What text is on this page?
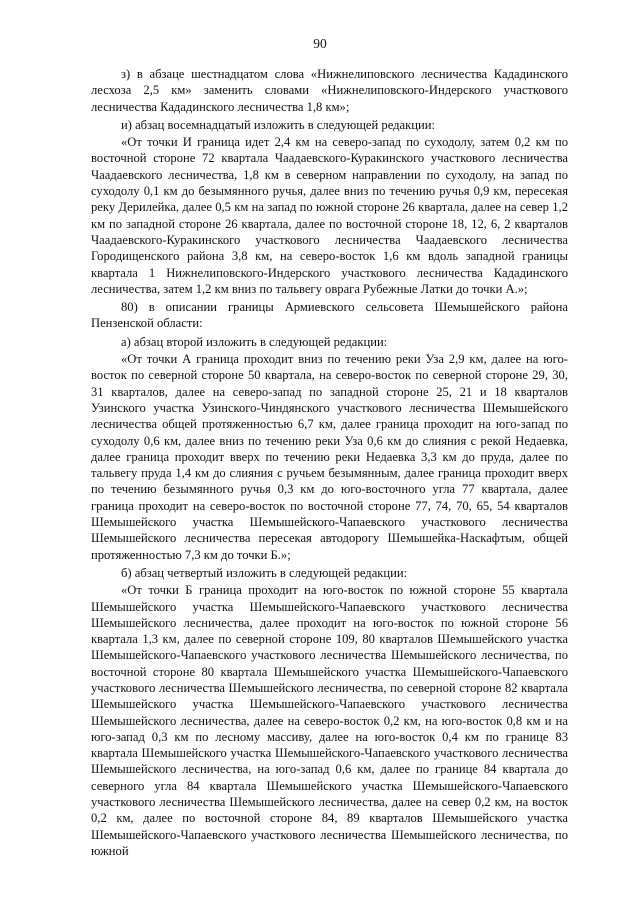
90

з) в абзаце шестнадцатом слова «Нижнелиповского лесничества Кададинского лесхоза 2,5 км» заменить словами «Нижнелиповского-Индерского участкового лесничества Кададинского лесничества 1,8 км»;

и) абзац восемнадцатый изложить в следующей редакции:

«От точки И граница идет 2,4 км на северо-запад по суходолу, затем 0,2 км по восточной стороне 72 квартала Чаадаевского-Куракинского участкового лесничества Чаадаевского лесничества, 1,8 км в северном направлении по суходолу, на запад по суходолу 0,1 км до безымянного ручья, далее вниз по течению ручья 0,9 км, пересекая реку Дерилейка, далее 0,5 км на запад по южной стороне 26 квартала, далее на север 1,2 км по западной стороне 26 квартала, далее по восточной стороне 18, 12, 6, 2 кварталов Чаадаевского-Куракинского участкового лесничества Чаадаевского лесничества Городищенского района 3,8 км, на северо-восток 1,6 км вдоль западной границы квартала 1 Нижнелиповского-Индерского участкового лесничества Кададинского лесничества, затем 1,2 км вниз по тальвегу оврага Рубежные Латки до точки А.»;

80) в описании границы Армиевского сельсовета Шемышейского района Пензенской области:

а) абзац второй изложить в следующей редакции:

«От точки А граница проходит вниз по течению реки Уза 2,9 км, далее на юго-восток по северной стороне 50 квартала, на северо-восток по северной стороне 29, 30, 31 кварталов, далее на северо-запад по западной стороне 25, 21 и 18 кварталов Узинского участка Узинского-Чиндянского участкового лесничества Шемышейского лесничества общей протяженностью 6,7 км, далее граница проходит на юго-запад по суходолу 0,6 км, далее вниз по течению реки Уза 0,6 км до слияния с рекой Недаевка, далее граница проходит вверх по течению реки Недаевка 3,3 км до пруда, далее по тальвегу пруда 1,4 км до слияния с ручьем безымянным, далее граница проходит вверх по течению безымянного ручья 0,3 км до юго-восточного угла 77 квартала, далее граница проходит на северо-восток по восточной стороне 77, 74, 70, 65, 54 кварталов Шемышейского участка Шемышейского-Чапаевского участкового лесничества Шемышейского лесничества пересекая автодорогу Шемышейка-Наскафтым, общей протяженностью 7,3 км до точки Б.»;

б) абзац четвертый изложить в следующей редакции:

«От точки Б граница проходит на юго-восток по южной стороне 55 квартала Шемышейского участка Шемышейского-Чапаевского участкового лесничества Шемышейского лесничества, далее проходит на юго-восток по южной стороне 56 квартала 1,3 км, далее по северной стороне 109, 80 кварталов Шемышейского участка Шемышейского-Чапаевского участкового лесничества Шемышейского лесничества, по восточной стороне 80 квартала Шемышейского участка Шемышейского-Чапаевского участкового лесничества Шемышейского лесничества, по северной стороне 82 квартала Шемышейского участка Шемышейского-Чапаевского участкового лесничества Шемышейского лесничества, далее на северо-восток 0,2 км, на юго-восток 0,8 км и на юго-запад 0,3 км по лесному массиву, далее на юго-восток 0,4 км по границе 83 квартала Шемышейского участка Шемышейского-Чапаевского участкового лесничества Шемышейского лесничества, на юго-запад 0,6 км, далее по границе 84 квартала до северного угла 84 квартала Шемышейского участка Шемышейского-Чапаевского участкового лесничества Шемышейского лесничества, далее на север 0,2 км, на восток 0,2 км, далее по восточной стороне 84, 89 кварталов Шемышейского участка Шемышейского-Чапаевского участкового лесничества Шемышейского лесничества, по южной
